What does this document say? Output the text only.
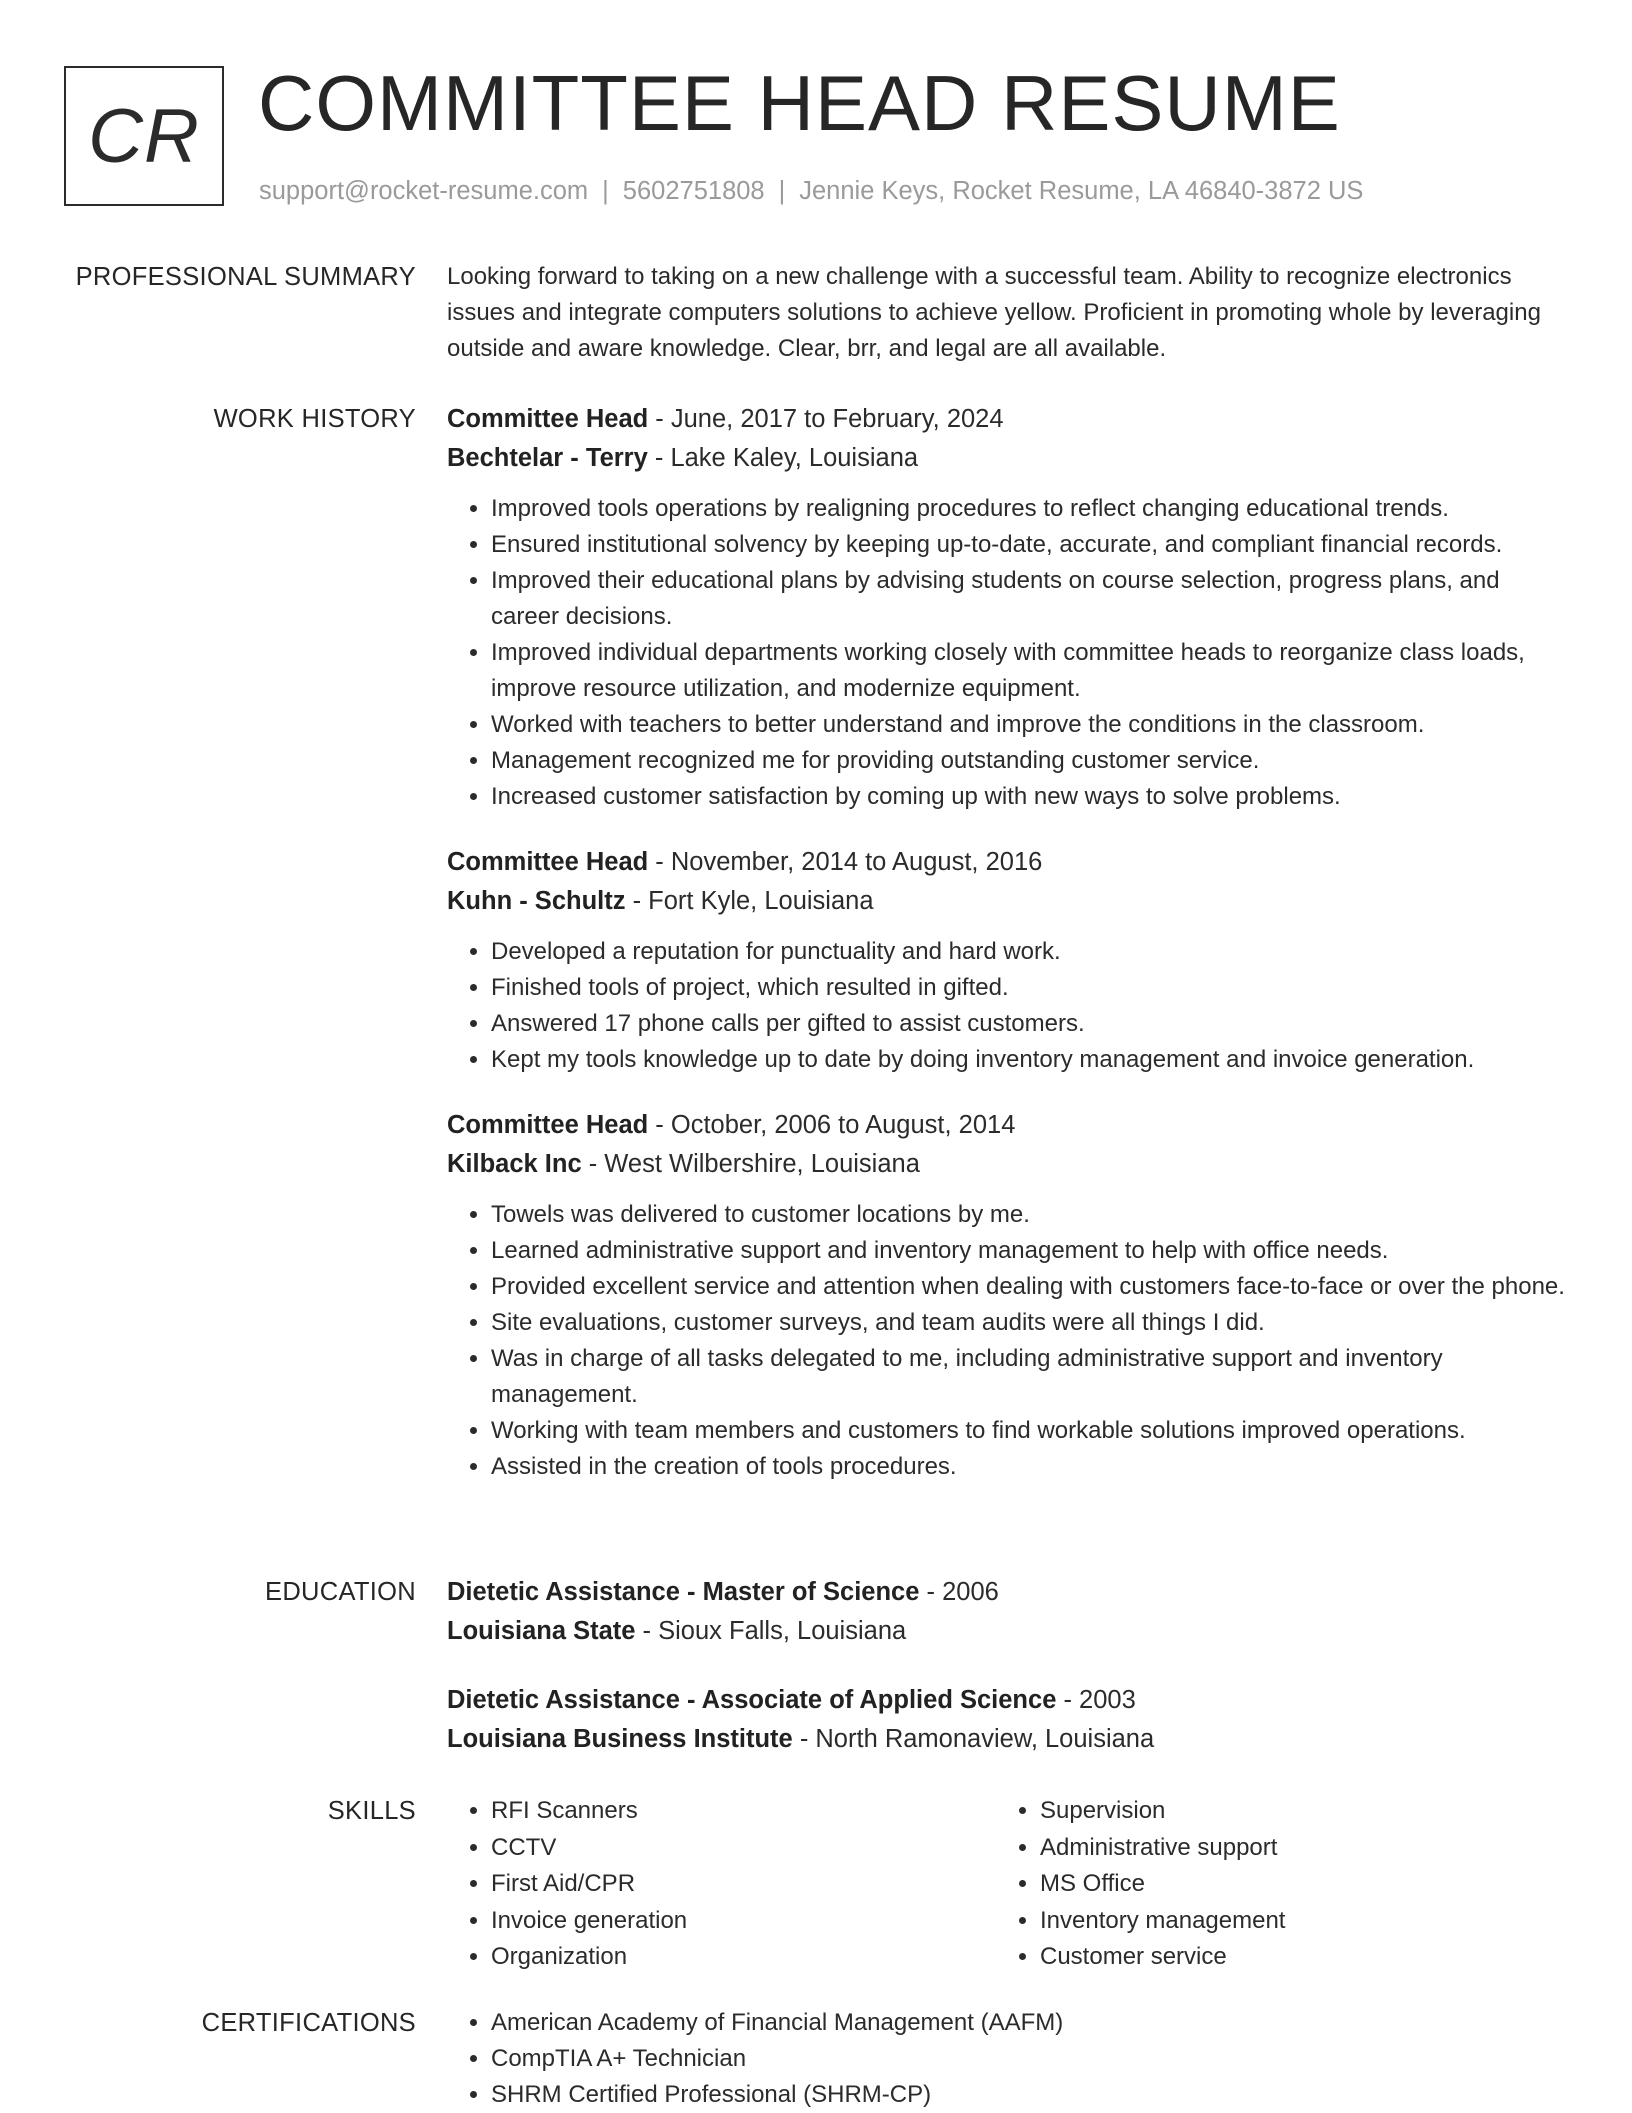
CR COMMITTEE HEAD RESUME
support@rocket-resume.com | 5602751808 | Jennie Keys, Rocket Resume, LA 46840-3872 US
PROFESSIONAL SUMMARY Looking forward to taking on a new challenge with a successful team. Ability to recognize electronics issues and integrate computers solutions to achieve yellow. Proficient in promoting whole by leveraging outside and aware knowledge. Clear, brr, and legal are all available.

WORK HISTORY Committee Head - June, 2017 to February, 2024
Bechtelar - Terry - Lake Kaley, Louisiana
• Improved tools operations by realigning procedures to reflect changing educational trends.
• Ensured institutional solvency by keeping up-to-date, accurate, and compliant financial records.
• Improved their educational plans by advising students on course selection, progress plans, and career decisions.
• Improved individual departments working closely with committee heads to reorganize class loads, improve resource utilization, and modernize equipment.
• Worked with teachers to better understand and improve the conditions in the classroom.
• Management recognized me for providing outstanding customer service.
• Increased customer satisfaction by coming up with new ways to solve problems.
Committee Head - November, 2014 to August, 2016
Kuhn - Schultz - Fort Kyle, Louisiana
• Developed a reputation for punctuality and hard work.
• Finished tools of project, which resulted in gifted.
• Answered 17 phone calls per gifted to assist customers.
• Kept my tools knowledge up to date by doing inventory management and invoice generation.
Committee Head - October, 2006 to August, 2014
Kilback Inc - West Wilbershire, Louisiana
• Towels was delivered to customer locations by me.
• Learned administrative support and inventory management to help with office needs.
• Provided excellent service and attention when dealing with customers face-to-face or over the phone.
• Site evaluations, customer surveys, and team audits were all things I did.
• Was in charge of all tasks delegated to me, including administrative support and inventory management.
• Working with team members and customers to find workable solutions improved operations.
• Assisted in the creation of tools procedures.
EDUCATION Dietetic Assistance - Master of Science - 2006
Louisiana State - Sioux Falls, Louisiana
Dietetic Assistance - Associate of Applied Science - 2003
Louisiana Business Institute - North Ramonaview, Louisiana
SKILLS	• RFI Scanners
• CCTV
• First Aid/CPR
• Invoice generation
• Organization
• Supervision
• Administrative support
• MS Office
• Inventory management
• Customer service
CERTIFICATIONS	• American Academy of Financial Management (AAFM)
• CompTIA A+ Technician
• SHRM Certified Professional (SHRM-CP)
